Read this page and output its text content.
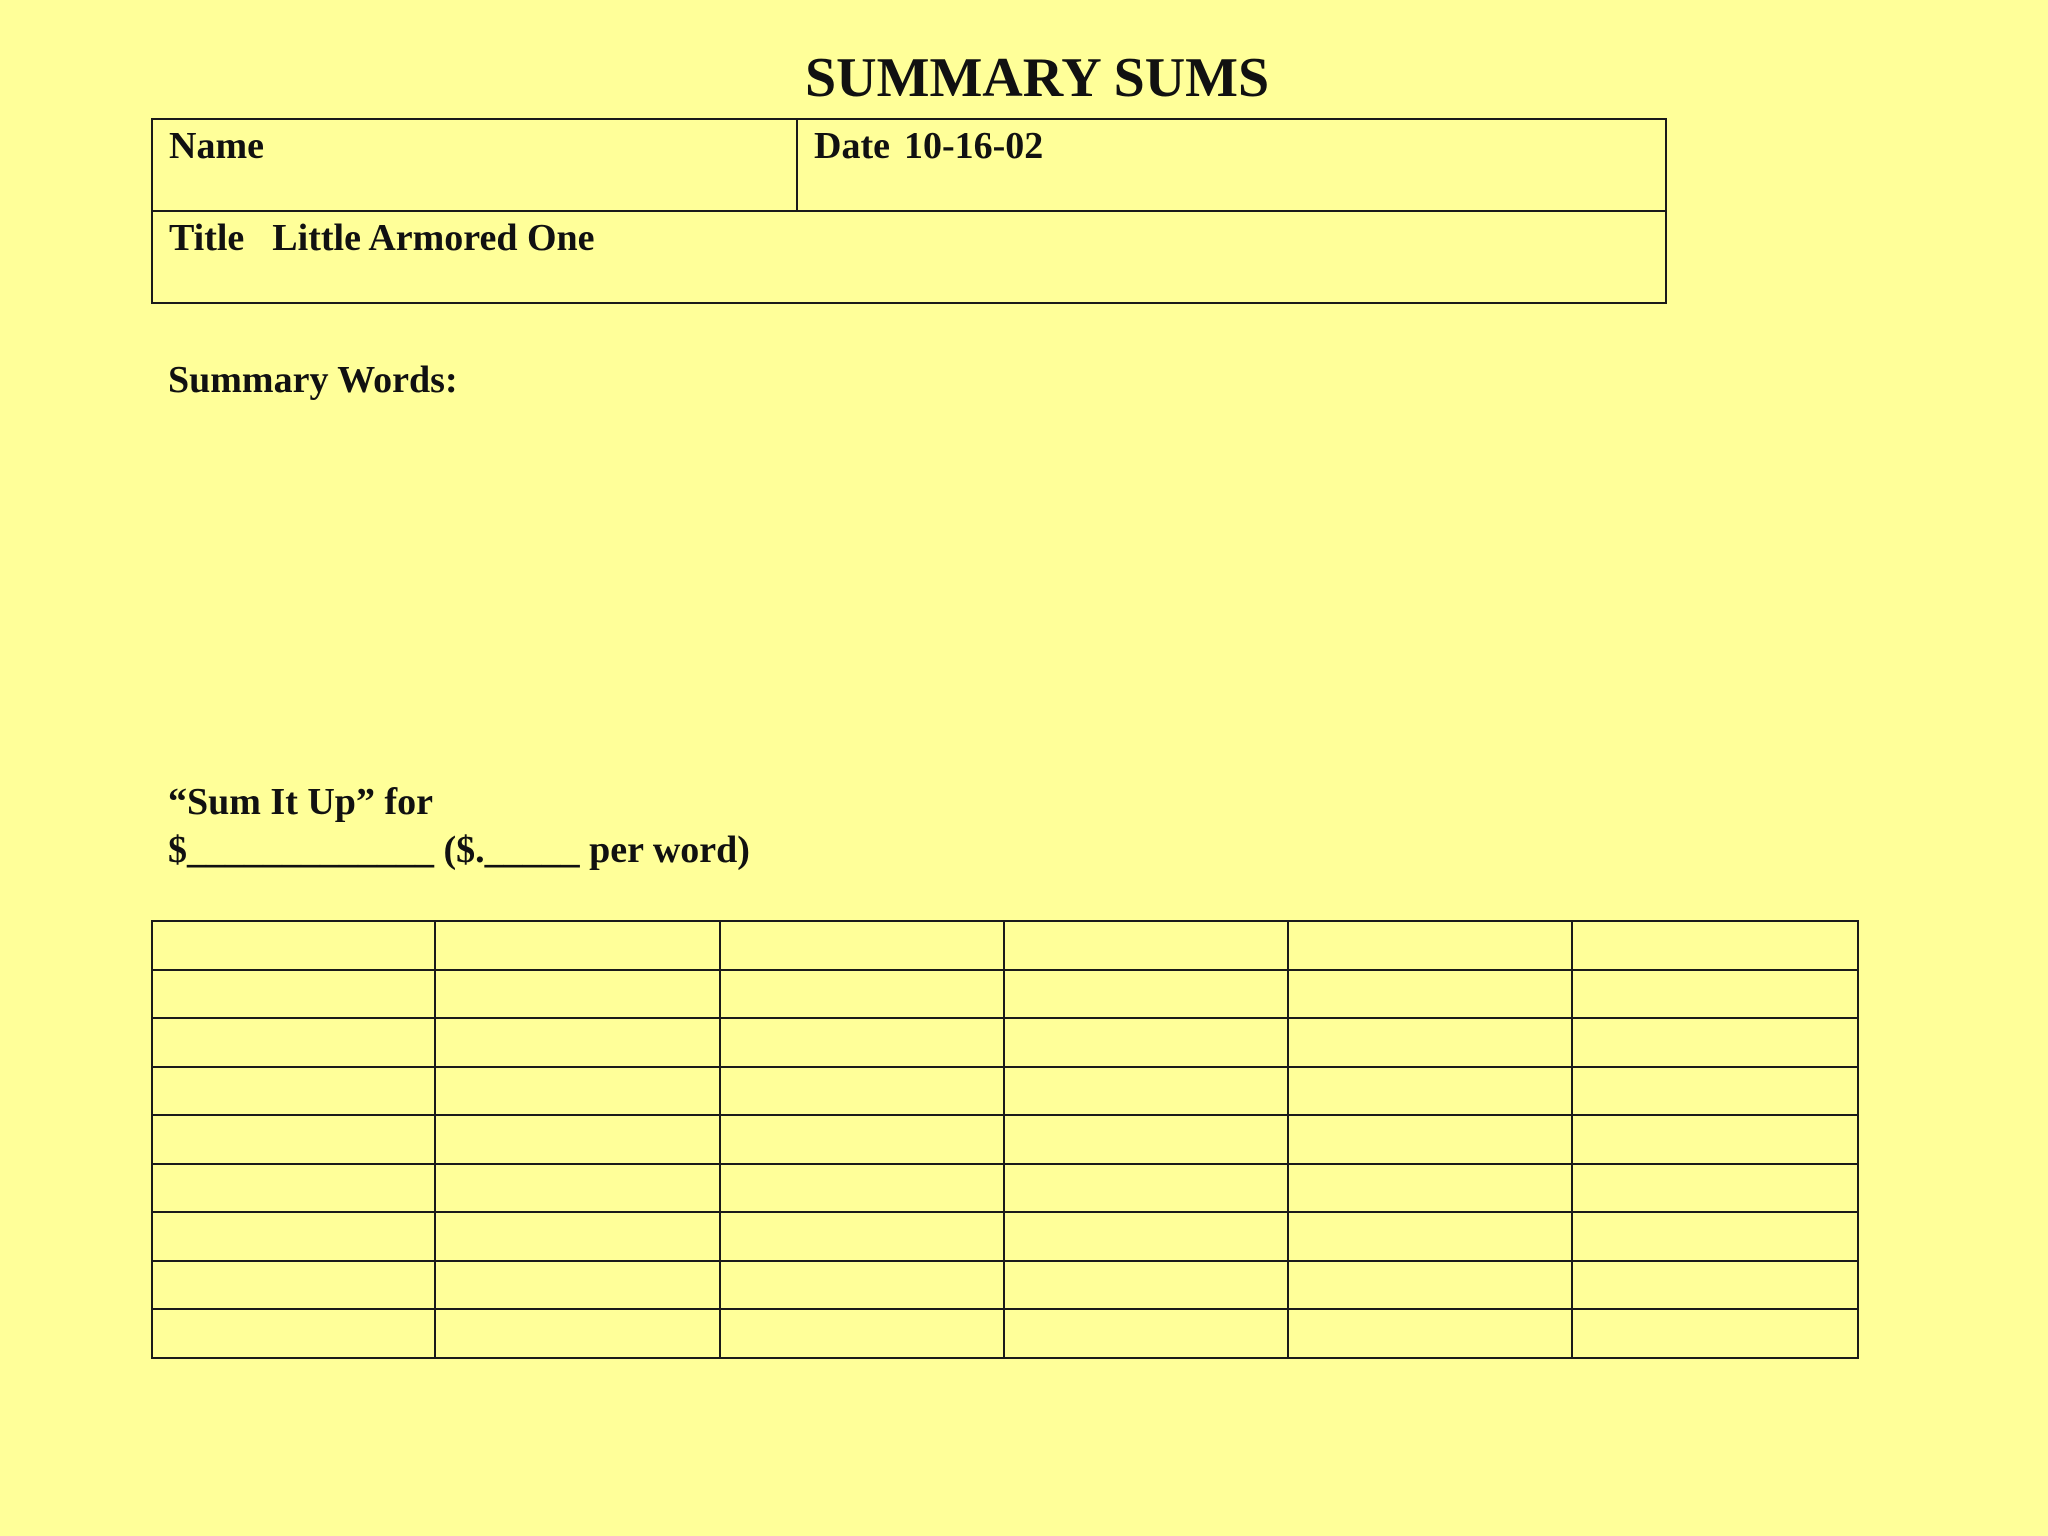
SUMMARY SUMS
Name	Date 10-16-02
Title Little Armored One
Summary Words:
“Sum It Up” for
$_____________ ($._____ per word)
